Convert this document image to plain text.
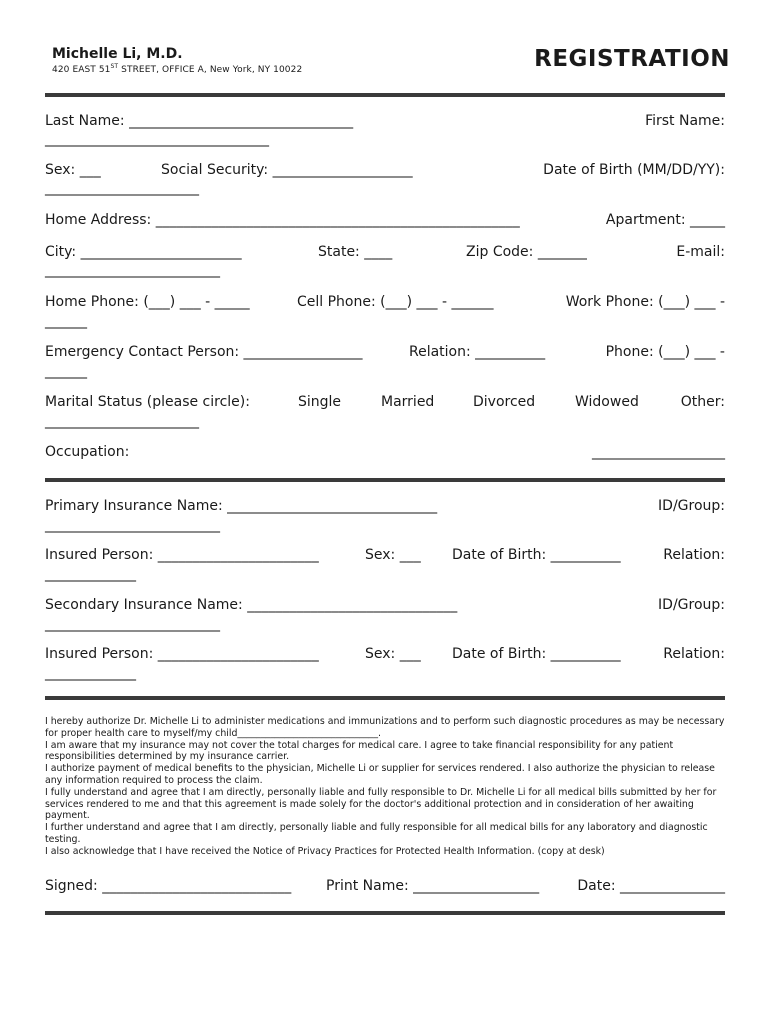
Michelle Li, M.D.
420 EAST 51ST STREET, OFFICE A, New York, NY 10022	REGISTRATION
Last Name: ________________________________	First Name:
________________________________
Sex: ___	Social Security: ____________________	Date of Birth (MM/DD/YY):
______________________
Home Address: ____________________________________________________	Apartment: _____
City: _______________________	State: ____	Zip Code: _______	E-mail:
_________________________
Home Phone: (___) ___ - _____	Cell Phone: (___) ___ - ______	Work Phone: (___) ___ -
______
Emergency Contact Person: _________________	Relation: __________	Phone: (___) ___ -
______
Marital Status (please circle):	Single	Married	Divorced	Widowed	Other:
______________________
Occupation:	___________________
Primary Insurance Name: ______________________________	ID/Group:
_________________________
Insured Person: _______________________	Sex: ___ Date of Birth: __________	Relation:
_____________
Secondary Insurance Name: ______________________________	ID/Group:
_________________________
Insured Person: _______________________	Sex: ___ Date of Birth: __________	Relation:
_____________

I hereby authorize Dr. Michelle Li to administer medications and immunizations and to perform such diagnostic procedures as may be necessary for proper health care to myself/my child______________________________.

I am aware that my insurance may not cover the total charges for medical care. I agree to take financial responsibility for any patient responsibilities determined by my insurance carrier.

I authorize payment of medical benefits to the physician, Michelle Li or supplier for services rendered. I also authorize the physician to release any information required to process the claim.

I fully understand and agree that I am directly, personally liable and fully responsible to Dr. Michelle Li for all medical bills submitted by her for services rendered to me and that this agreement is made solely for the doctor's additional protection and in consideration of her awaiting payment.

I further understand and agree that I am directly, personally liable and fully responsible for all medical bills for any laboratory and diagnostic testing.

I also acknowledge that I have received the Notice of Privacy Practices for Protected Health Information. (copy at desk)

Signed: ___________________________ Print Name: __________________	Date: _______________
